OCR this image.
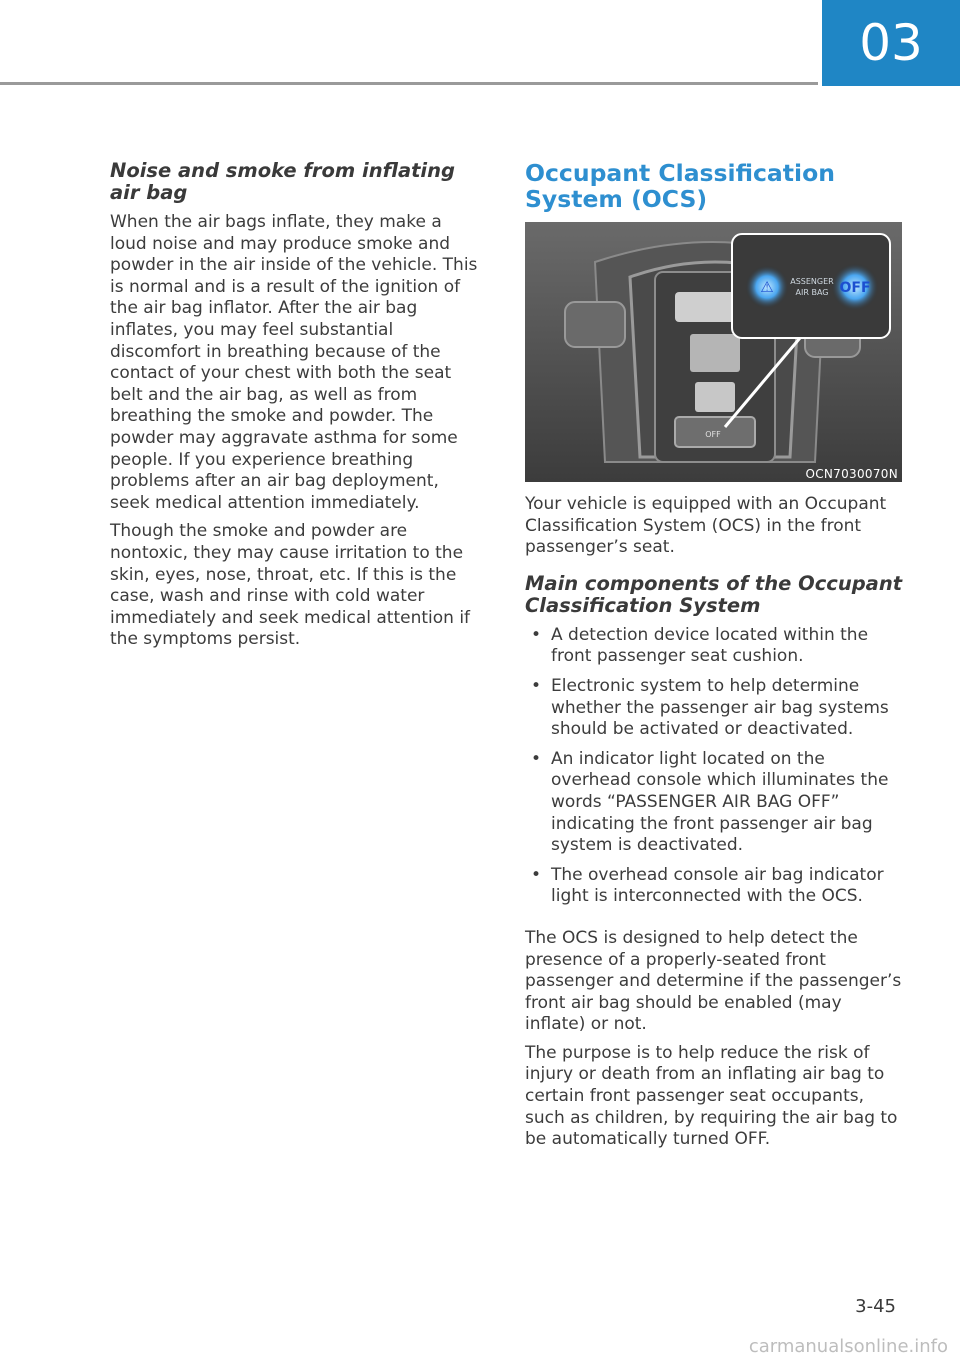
03
Noise and smoke from inflating air bag

When the air bags inflate, they make a loud noise and may produce smoke and powder in the air inside of the vehicle. This is normal and is a result of the ignition of the air bag inflator. After the air bag inflates, you may feel substantial discomfort in breathing because of the contact of your chest with both the seat belt and the air bag, as well as from breathing the smoke and powder. The powder may aggravate asthma for some people. If you experience breathing problems after an air bag deployment, seek medical attention immediately.

Though the smoke and powder are nontoxic, they may cause irritation to the skin, eyes, nose, throat, etc. If this is the case, wash and rinse with cold water immediately and seek medical attention if the symptoms persist.

Occupant Classification System (OCS)
OFF
⚠ ASSENGER
AIR BAG OFF
OCN7030070N

Your vehicle is equipped with an Occupant Classification System (OCS) in the front passenger’s seat.

Main components of the Occupant Classification System
• A detection device located within the front passenger seat cushion.
• Electronic system to help determine whether the passenger air bag systems should be activated or deactivated.
• An indicator light located on the overhead console which illuminates the words “PASSENGER AIR BAG OFF” indicating the front passenger air bag system is deactivated.
• The overhead console air bag indicator light is interconnected with the OCS.

The OCS is designed to help detect the presence of a properly-seated front passenger and determine if the passenger’s front air bag should be enabled (may inflate) or not.

The purpose is to help reduce the risk of injury or death from an inflating air bag to certain front passenger seat occupants, such as children, by requiring the air bag to be automatically turned OFF.

3-45
carmanualsonline.info
